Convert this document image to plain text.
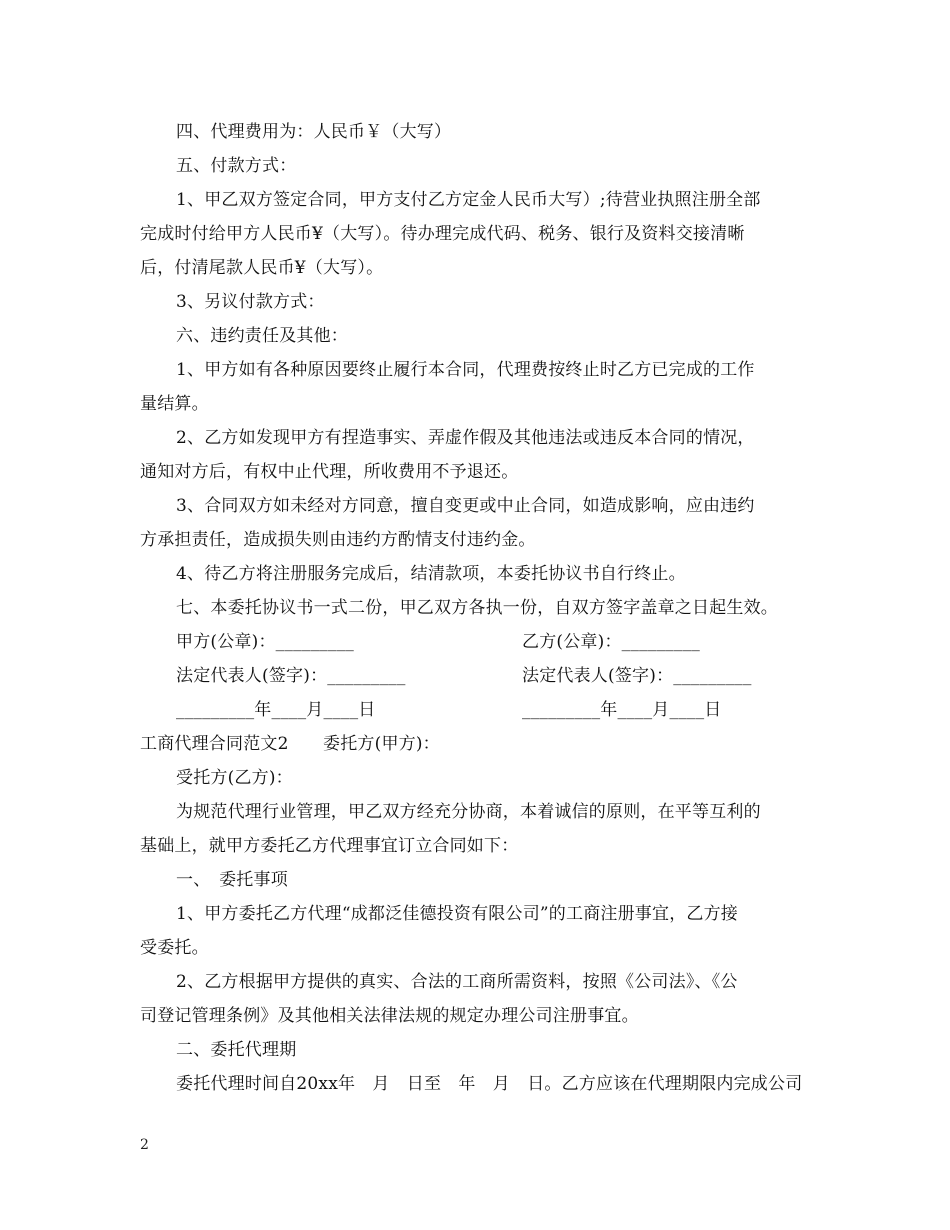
四、代理费用为：人民币￥（大写）
五、付款方式：
1、甲乙双方签定合同，甲方支付乙方定金人民币大写）;待营业执照注册全部
完成时付给甲方人民币¥（大写）。待办理完成代码、税务、银行及资料交接清晰
后，付清尾款人民币¥（大写）。
3、另议付款方式：
六、违约责任及其他：
1、甲方如有各种原因要终止履行本合同，代理费按终止时乙方已完成的工作
量结算。
2、乙方如发现甲方有捏造事实、弄虚作假及其他违法或违反本合同的情况，
通知对方后，有权中止代理，所收费用不予退还。
3、合同双方如未经对方同意，擅自变更或中止合同，如造成影响，应由违约
方承担责任，造成损失则由违约方酌情支付违约金。
4、待乙方将注册服务完成后，结清款项，本委托协议书自行终止。
七、本委托协议书一式二份，甲乙双方各执一份，自双方签字盖章之日起生效。
甲方(公章)：_________	乙方(公章)：_________
法定代表人(签字)：_________	法定代表人(签字)：_________
_________年____月____日	_________年____月____日
工商代理合同范文2　　委托方(甲方)：
受托方(乙方)：
为规范代理行业管理，甲乙双方经充分协商，本着诚信的原则，在平等互利的
基础上，就甲方委托乙方代理事宜订立合同如下：
一、　委托事项
1、甲方委托乙方代理“成都泛佳德投资有限公司”的工商注册事宜，乙方接
受委托。
2、乙方根据甲方提供的真实、合法的工商所需资料，按照《公司法》、《公
司登记管理条例》及其他相关法律法规的规定办理公司注册事宜。
二、委托代理期
委托代理时间自20xx年　月　日至　年　月　日。乙方应该在代理期限内完成公司
2
